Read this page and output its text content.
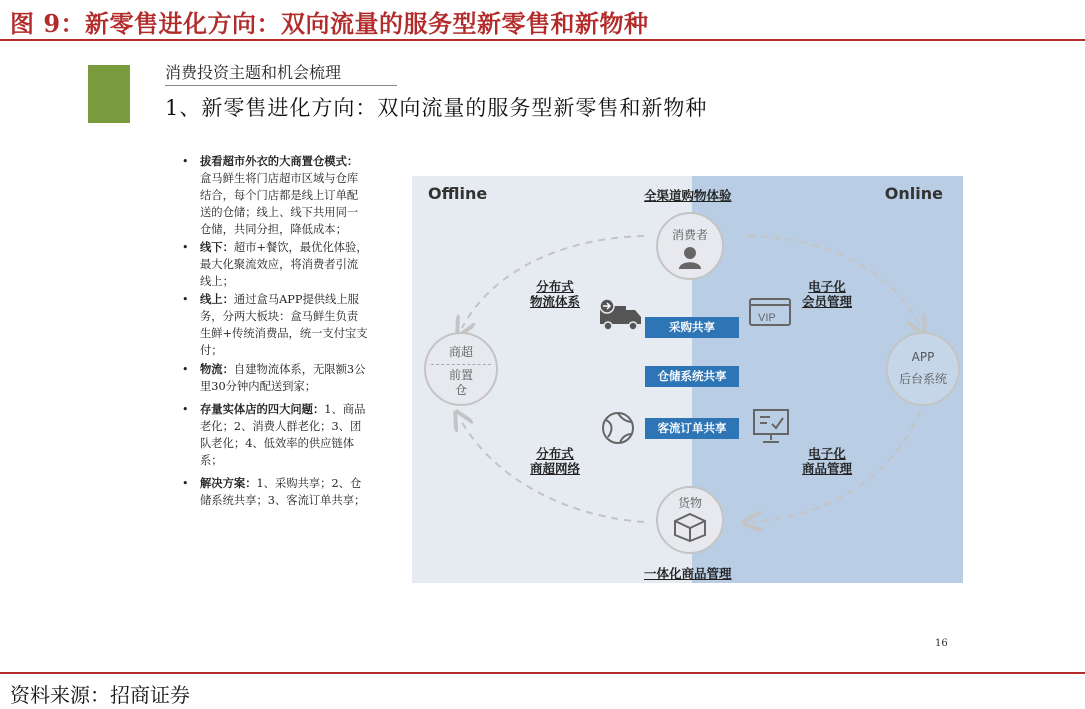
图 9：新零售进化方向：双向流量的服务型新零售和新物种
消费投资主题和机会梳理
1、新零售进化方向：双向流量的服务型新零售和新物种
• 拔看超市外衣的大商置仓模式：盒马鲜生将门店超市区域与仓库结合，每个门店都是线上订单配送的仓储；线上、线下共用同一仓储，共同分担，降低成本；
• 线下：超市+餐饮，最优化体验，最大化聚流效应，将消费者引流线上；
• 线上：通过盒马APP提供线上服务，分两大板块：盒马鲜生负责生鲜+传统消费品，统一支付宝支付；
• 物流：自建物流体系，无限额3公里30分钟内配送到家；
• 存量实体店的四大问题：1、商品老化；2、消费人群老化；3、团队老化；4、低效率的供应链体系；
• 解决方案：1、采购共享；2、仓储系统共享；3、客流订单共享；
Offline	Online
全渠道购物体验
消费者
货物
商超
前置仓
APP
后台系统
分布式
物流体系
分布式
商超网络
电子化
会员管理
电子化
商品管理
VIP
采购共享
仓储系统共享
客流订单共享
一体化商品管理
16
资料来源：招商证券
